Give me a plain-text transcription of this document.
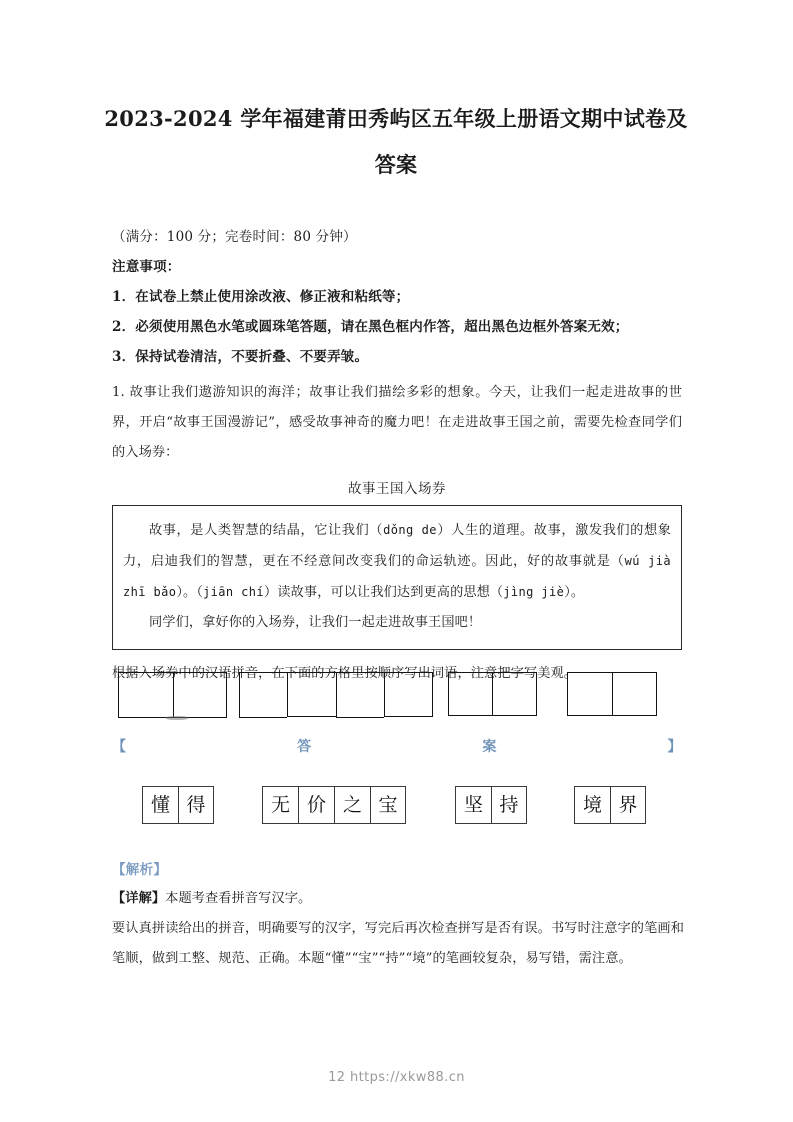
2023-2024 学年福建莆田秀屿区五年级上册语文期中试卷及
答案
（满分：100 分；完卷时间：80 分钟）
注意事项：
1．在试卷上禁止使用涂改液、修正液和粘纸等；
2．必须使用黑色水笔或圆珠笔答题，请在黑色框内作答，超出黑色边框外答案无效；
3．保持试卷清洁，不要折叠、不要弄皱。
1. 故事让我们遨游知识的海洋；故事让我们描绘多彩的想象。今天，让我们一起走进故事的世界，开启“故事王国漫游记”，感受故事神奇的魔力吧！在走进故事王国之前，需要先检查同学们的入场券：
故事王国入场券
故事，是人类智慧的结晶，它让我们（dǒng de）人生的道理。故事，激发我们的想象力，启迪我们的智慧，更在不经意间改变我们的命运轨迹。因此，好的故事就是（wú jià zhī bǎo）。（jiān chí）读故事，可以让我们达到更高的思想（jìng jiè）。
同学们，拿好你的入场券，让我们一起走进故事王国吧！
根据入场券中的汉语拼音，在下面的方格里按顺序写出词语，注意把字写美观。
【	答	案	】
懂 得	无 价 之 宝	坚 持	境 界
【解析】
【详解】本题考查看拼音写汉字。
要认真拼读给出的拼音，明确要写的汉字，写完后再次检查拼写是否有误。书写时注意字的笔画和笔顺，做到工整、规范、正确。本题“懂”“宝”“持”“境”的笔画较复杂，易写错，需注意。
12 https://xkw88.cn
